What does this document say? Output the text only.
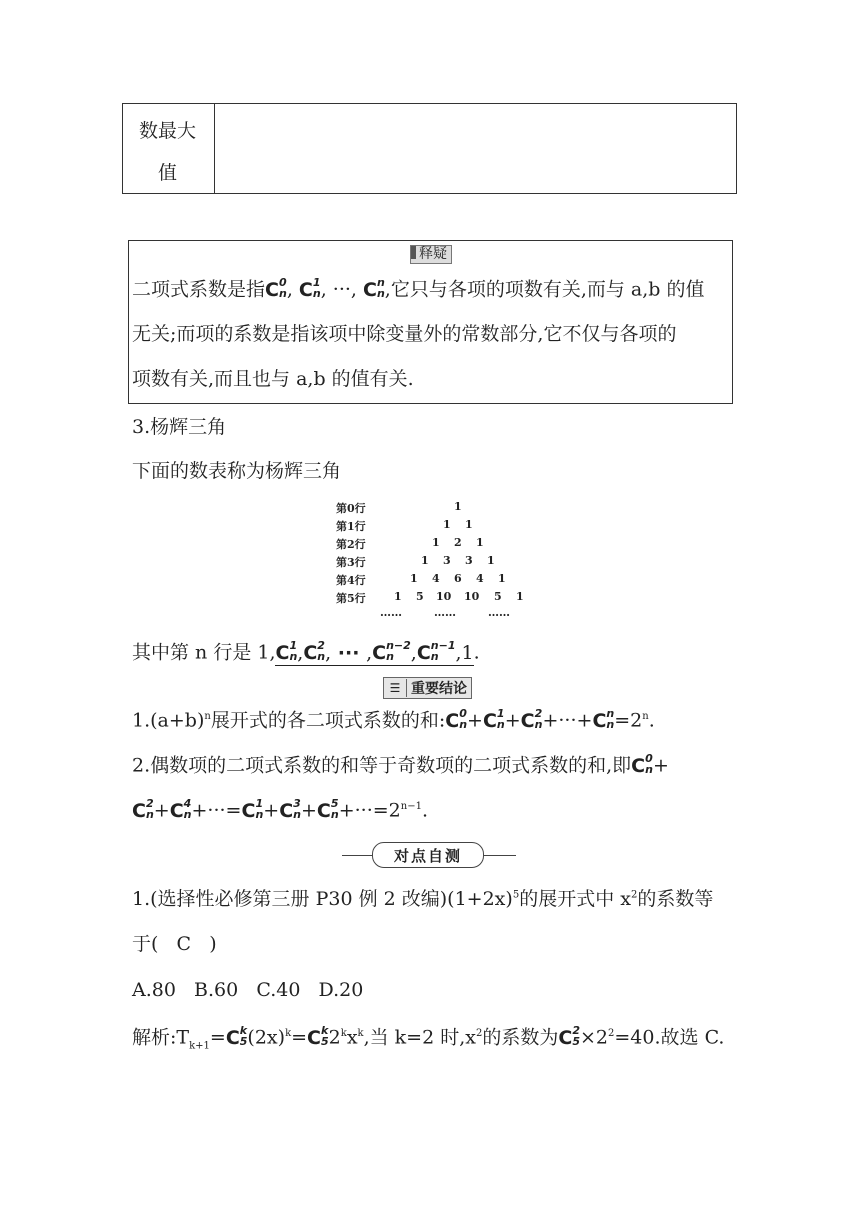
数最大
值
释疑
二项式系数是指C 0
n , C 1
n , ···, C n
n ,它只与各项的项数有关,而与 a,b 的值
无关;而项的系数是指该项中除变量外的常数部分,它不仅与各项的
项数有关,而且也与 a,b 的值有关.
3.杨辉三角
下面的数表称为杨辉三角
第0行
第1行
第2行
第3行
第4行
第5行
1
1 1
1 2 1
1 3 3 1
1 4 6 4 1
1 5 10 10 5 1
……	……	……
其中第 n 行是 1,C 1
n ,C 2
n , ··· ,C n−2
n ,C n−1
n ,1.
☰ 重要结论
$1.(a+b)^n$展开式的各二项式系数的和:C 0
n +C 1
n +C 2
n +···+C n
$n =2^n$.
2.偶数项的二项式系数的和等于奇数项的二项式系数的和,即C 0
n +
C 2
n +C 4
n +···=C 1
n +C 3
n +C 5
$n +\cdot\cdot\cdot=2^{n-1}$.
对点自测
1.(选择性必修第三册 P30 例 2 改编)$(1+2x)^5$的展开式中 $x^2$的系数等
于(   C   )
A.80   B.60   C.40   D.20
解析$:T_{k+1}=C$ k
5 $(2x)^k=C$ k
5 $2^kx^k$,当 k=2 时$,x^2$的系数为C 2
$5 \times 2^2=40$.故选 C.
